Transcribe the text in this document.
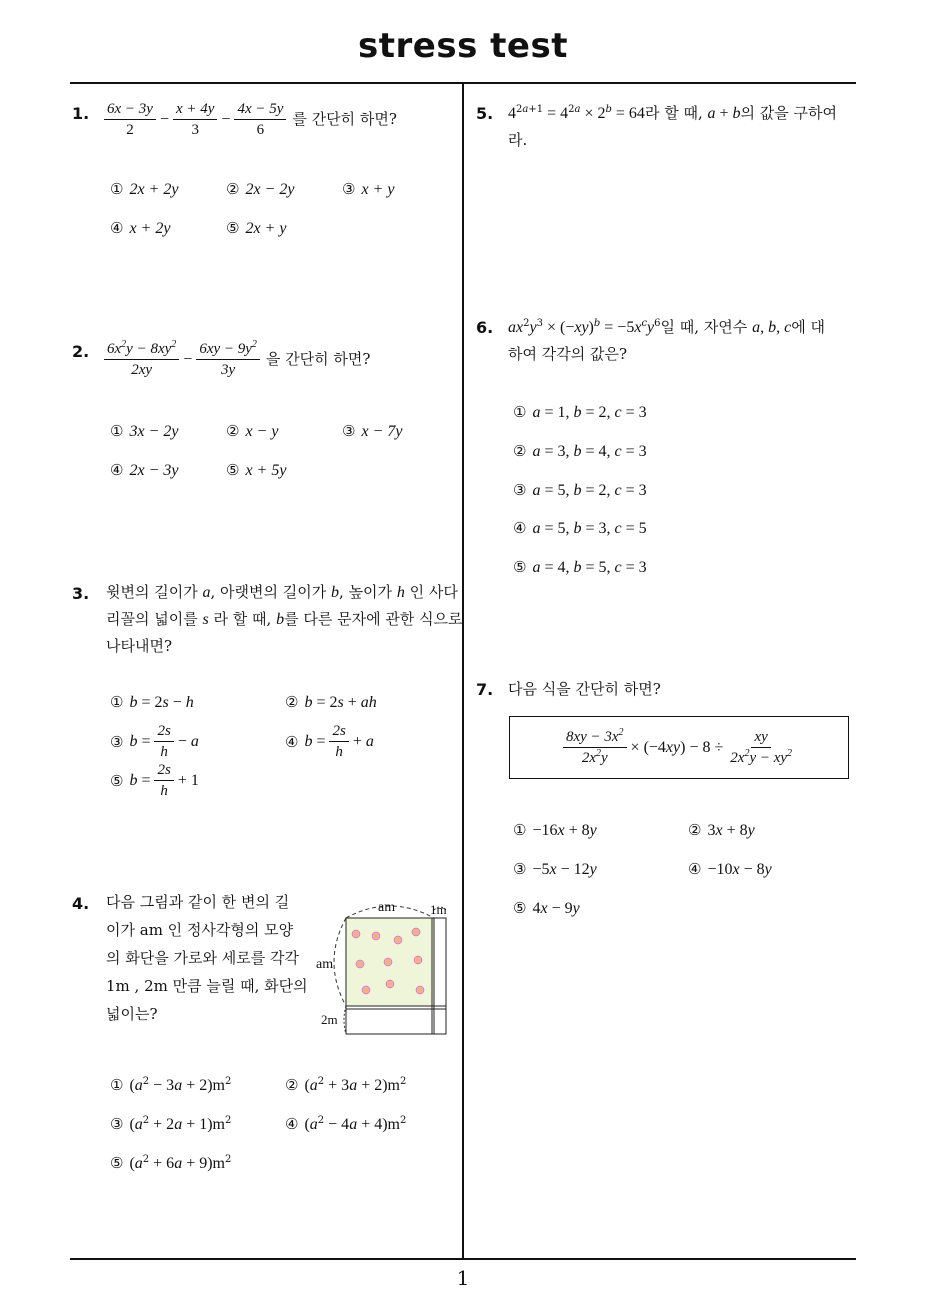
stress test
1
1. $\frac{6x - 3y}{2} - \frac{x + 4y}{3} - \frac{4x - 5y}{6}$ 를 간단히 하면?
① 2x + 2y	② 2x − 2y	③ x + y
④ x + 2y	⑤ 2x + y
2. $\frac{6x^2y - 8xy^2}{2xy} - \frac{6xy - 9y^2}{3y}$ 을 간단히 하면?
① 3x − 2y	② x − y	③ x − 7y
④ 2x − 3y	⑤ x + 5y
3. 윗변의 길이가 a, 아랫변의 길이가 b, 높이가 h 인 사다
리꼴의 넓이를 s 라 할 때, b를 다른 문자에 관한 식으로
나타내면?
① b = 2s − h	② b = 2s + ah
③ $b = \frac{2s}{h} - a$	④ $b = \frac{2s}{h} + a$
⑤ $b = \frac{2s}{h} + 1$
4. 다음 그림과 같이 한 변의 길
이가 am 인 정사각형의 모양
의 화단을 가로와 세로를 각각
1m , 2m 만큼 늘릴 때, 화단의
넓이는?
am	1m
am
2m
① $(a^2 - 3a + 2)m^2$	② $(a^2 + 3a + 2)m^2$
③ $(a^2 + 2a + 1)m^2$	④ $(a^2 - 4a + 4)m^2$
⑤ $(a^2 + 6a + 9)m^2$
5. $4^{2a+1} = 4^{2a} \times 2^b = 64$라 할 때, a + b의 값을 구하여
라.
6. $ax^2y^3 \times (-xy)^b = -5x^cy^6$일 때, 자연수 a, b, c에 대
하여 각각의 값은?
① a = 1, b = 2, c = 3
② a = 3, b = 4, c = 3
③ a = 5, b = 2, c = 3
④ a = 5, b = 3, c = 5
⑤ a = 4, b = 5, c = 3
7. 다음 식을 간단히 하면?
$\frac{8xy - 3x^2}{2x^2y} \times (-4xy) - 8 \div \frac{xy}{2x^2y - xy^2}$
① −16x + 8y	② 3x + 8y
③ −5x − 12y	④ −10x − 8y
⑤ 4x − 9y
